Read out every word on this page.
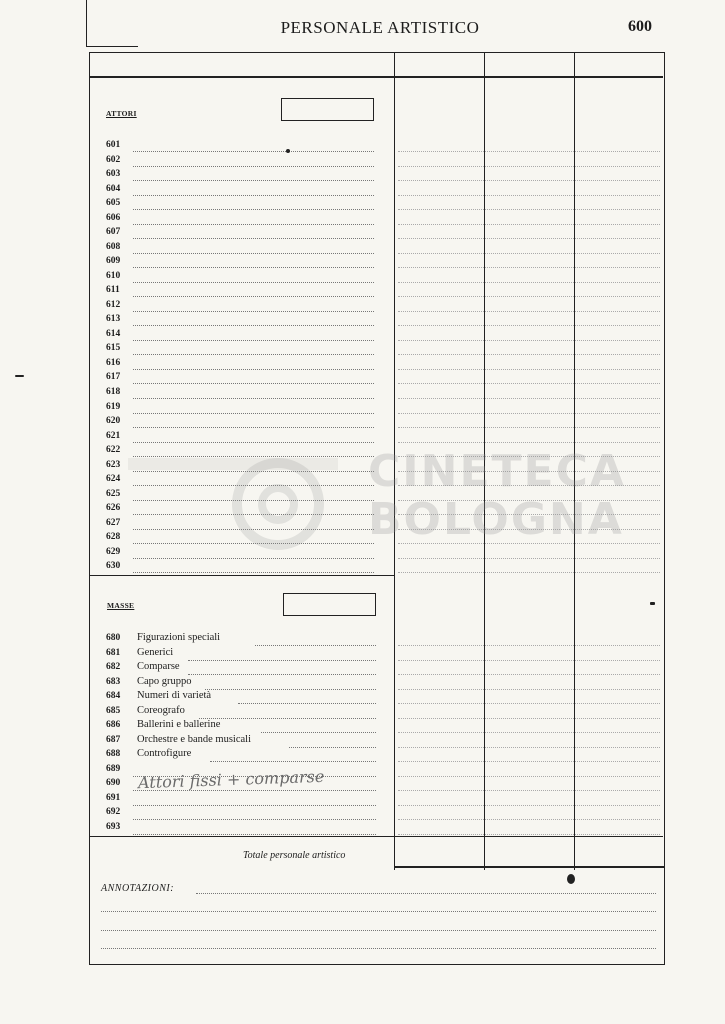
PERSONALE ARTISTICO	600
ATTORI
601
602
603
604
605
606
607
608
609
610
611
612
613
614
615
616
617
618
619
620
621
622
623
624
625
626
627
628
629
630
MASSE
680 Figurazioni speciali
681 Generici
682 Comparse
683 Capo gruppo
684 Numeri di varietà
685 Coreografo
686 Ballerini e ballerine
687 Orchestre e bande musicali
688 Controfigure
689
690
691
692
693
Attori fissi + comparse
Totale personale artistico
ANNOTAZIONI:
CINETECA
BOLOGNA
